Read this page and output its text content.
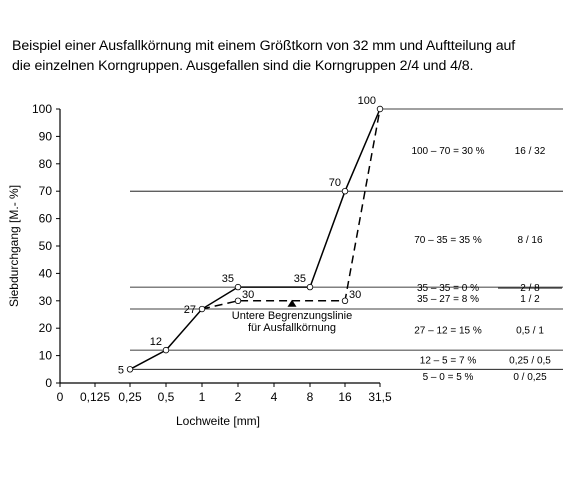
Beispiel einer Ausfallkörnung mit einem Größtkorn von 32 mm und Auftteilung auf
die einzelnen Korngruppen. Ausgefallen sind die Korngruppen 2/4 und 4/8.
0
10
20
30
40
50
60
70
80
90
100
0 0,125 0,25 0,5 1 2 4 8 16 31,5
Lochweite [mm]
Siebdurchgang [M.- %]
5
12
27
35
30
35
30
70
100
Untere Begrenzungslinie
für Ausfallkörnung
100 – 70 = 30 %	16 / 32
70 – 35 = 35 %	8 / 16
35 – 35 = 0 %	2 / 8
35 – 27 = 8 %	1 / 2
27 – 12 = 15 %	0,5 / 1
12 – 5 = 7 %	0,25 / 0,5
5 – 0 = 5 %	0 / 0,25
